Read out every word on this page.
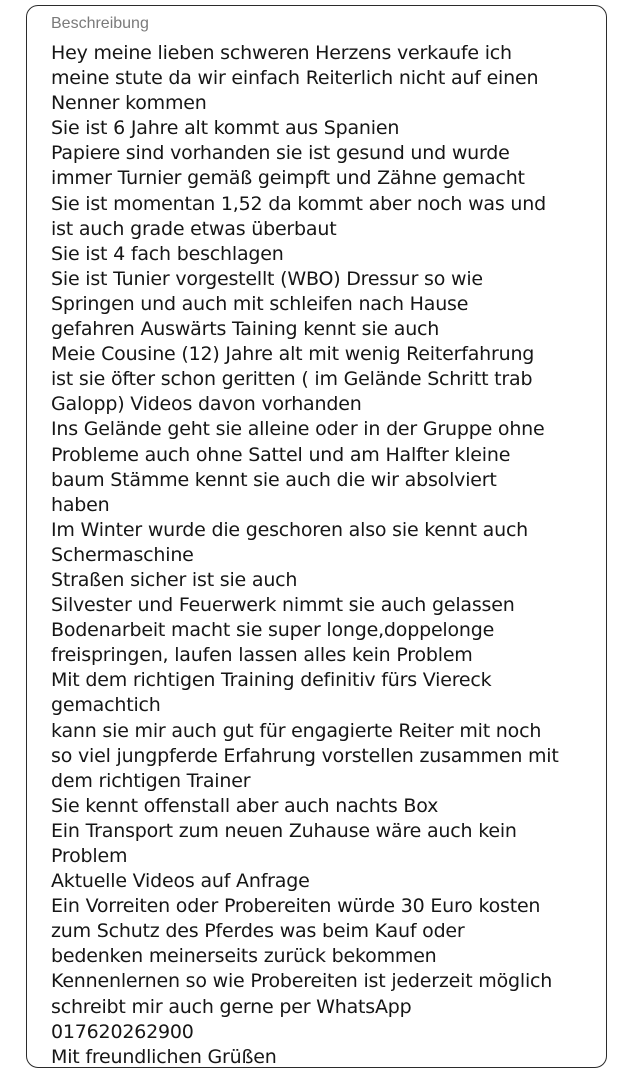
Beschreibung

Hey meine lieben schweren Herzens verkaufe ich
meine stute da wir einfach Reiterlich nicht auf einen
Nenner kommen
Sie ist 6 Jahre alt kommt aus Spanien
Papiere sind vorhanden sie ist gesund und wurde
immer Turnier gemäß geimpft und Zähne gemacht
Sie ist momentan 1,52 da kommt aber noch was und
ist auch grade etwas überbaut
Sie ist 4 fach beschlagen
Sie ist Tunier vorgestellt (WBO) Dressur so wie
Springen und auch mit schleifen nach Hause
gefahren Auswärts Taining kennt sie auch
Meie Cousine (12) Jahre alt mit wenig Reiterfahrung
ist sie öfter schon geritten ( im Gelände Schritt trab
Galopp) Videos davon vorhanden
Ins Gelände geht sie alleine oder in der Gruppe ohne
Probleme auch ohne Sattel und am Halfter kleine
baum Stämme kennt sie auch die wir absolviert
haben
Im Winter wurde die geschoren also sie kennt auch
Schermaschine
Straßen sicher ist sie auch
Silvester und Feuerwerk nimmt sie auch gelassen
Bodenarbeit macht sie super longe,doppelonge
freispringen, laufen lassen alles kein Problem
Mit dem richtigen Training definitiv fürs Viereck
gemachtich
kann sie mir auch gut für engagierte Reiter mit noch
so viel jungpferde Erfahrung vorstellen zusammen mit
dem richtigen Trainer
Sie kennt offenstall aber auch nachts Box
Ein Transport zum neuen Zuhause wäre auch kein
Problem
Aktuelle Videos auf Anfrage
Ein Vorreiten oder Probereiten würde 30 Euro kosten
zum Schutz des Pferdes was beim Kauf oder
bedenken meinerseits zurück bekommen
Kennenlernen so wie Probereiten ist jederzeit möglich
schreibt mir auch gerne per WhatsApp
017620262900
Mit freundlichen Grüßen
